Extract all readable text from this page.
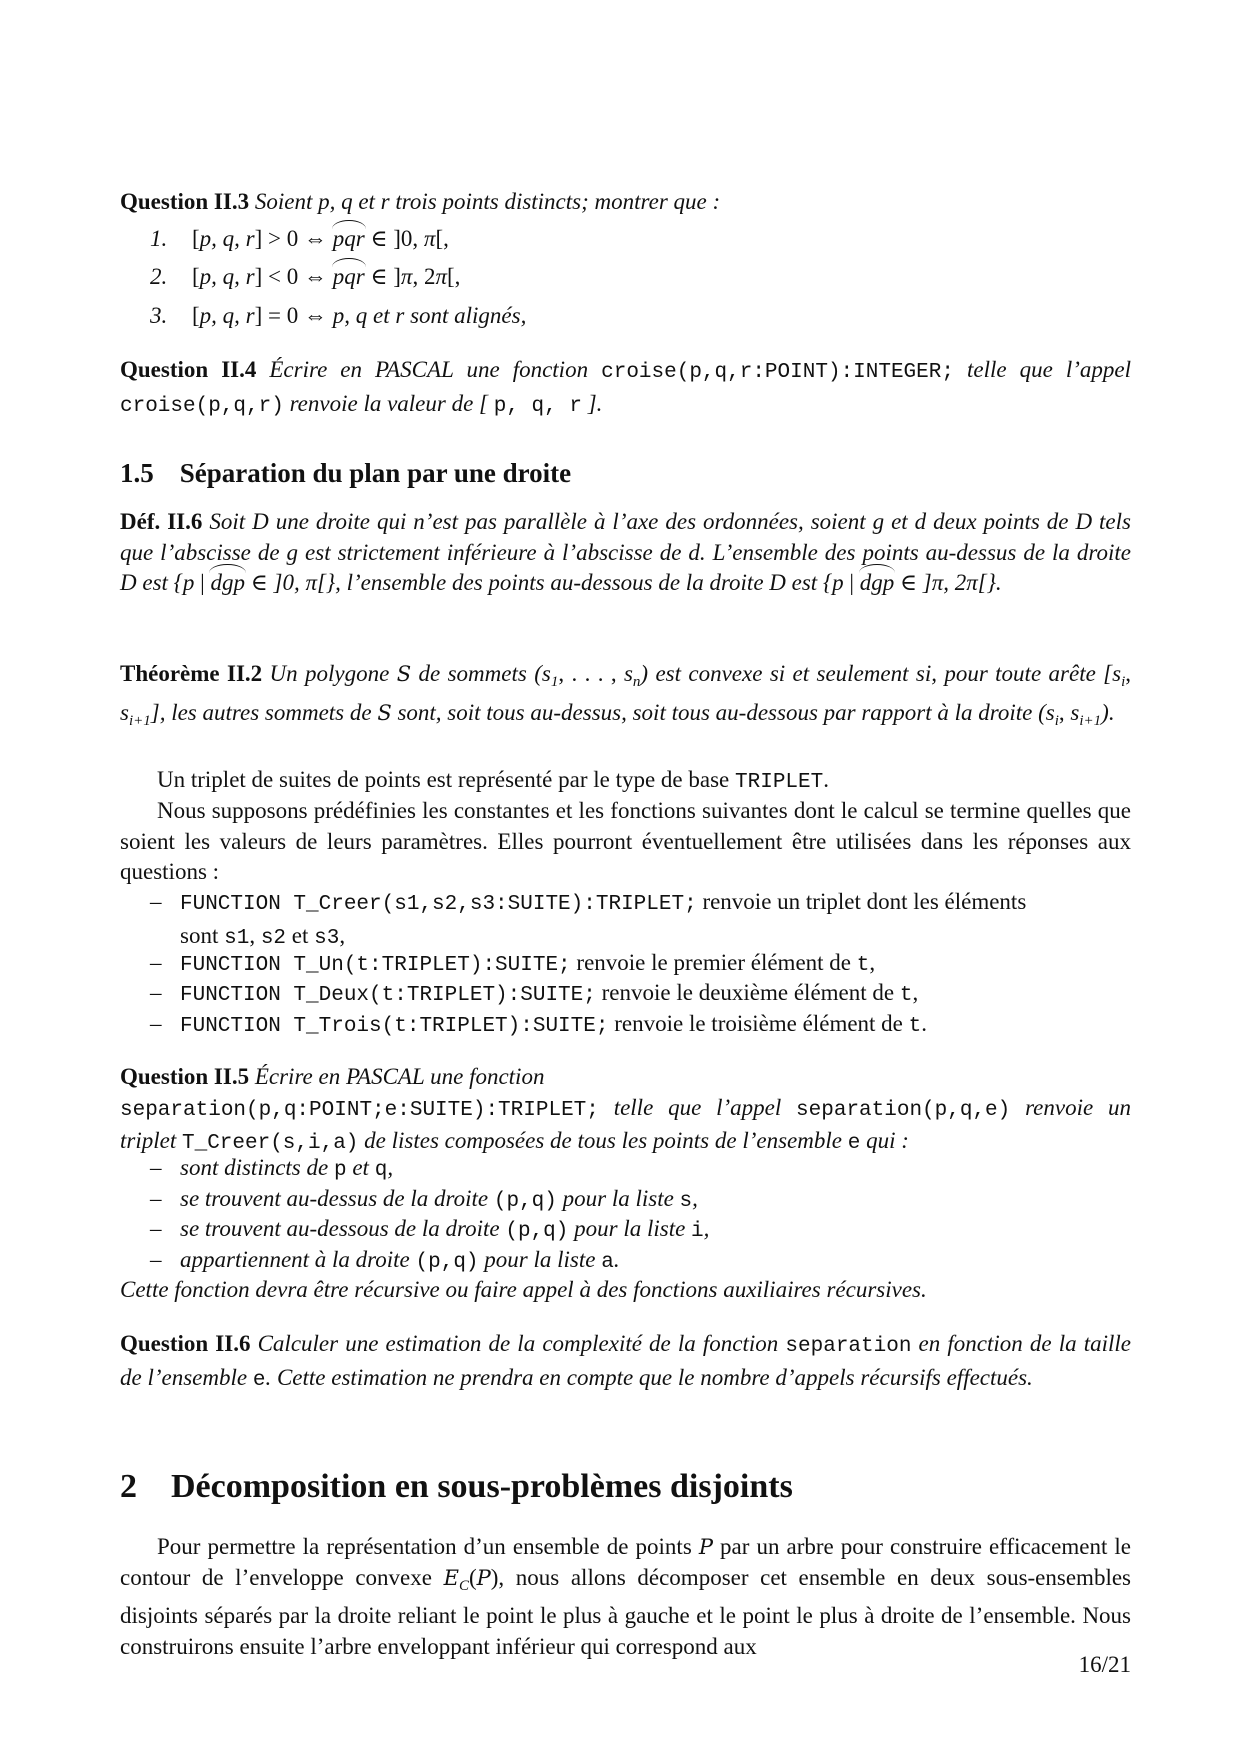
Question II.3 Soient p, q et r trois points distincts; montrer que :
1. [p, q, r] > 0 ⇔ pqr ∈ ]0, π[,
2. [p, q, r] < 0 ⇔ pqr ∈ ]π, 2π[,
3. [p, q, r] = 0 ⇔ p, q et r sont alignés,
Question II.4 Écrire en PASCAL une fonction croise(p,q,r:POINT):INTEGER; telle que l’appel croise(p,q,r) renvoie la valeur de [ p, q, r ].
1.5 Séparation du plan par une droite
Déf. II.6 Soit D une droite qui n’est pas parallèle à l’axe des ordonnées, soient g et d deux points de D tels que l’abscisse de g est strictement inférieure à l’abscisse de d. L’ensemble des points au-dessus de la droite D est {p | dgp ∈ ]0, π[}, l’ensemble des points au-dessous de la droite D est {p | dgp ∈ ]π, 2π[}.
Théorème II.2 Un polygone S de sommets ($s_1$, . . . , $s_n$) est convexe si et seulement si, pour toute arête [$s_i$, $s_{i+1}$], les autres sommets de S sont, soit tous au-dessus, soit tous au-dessous par rapport à la droite ($s_i$, $s_{i+1}$).
Un triplet de suites de points est représenté par le type de base TRIPLET.
Nous supposons prédéfinies les constantes et les fonctions suivantes dont le calcul se termine quelles que soient les valeurs de leurs paramètres. Elles pourront éventuellement être utilisées dans les réponses aux questions :
– FUNCTION T_Creer(s1,s2,s3:SUITE):TRIPLET; renvoie un triplet dont les éléments
sont s1, s2 et s3,
– FUNCTION T_Un(t:TRIPLET):SUITE; renvoie le premier élément de t,
– FUNCTION T_Deux(t:TRIPLET):SUITE; renvoie le deuxième élément de t,
– FUNCTION T_Trois(t:TRIPLET):SUITE; renvoie le troisième élément de t.
Question II.5 Écrire en PASCAL une fonction
separation(p,q:POINT;e:SUITE):TRIPLET; telle que l’appel separation(p,q,e) renvoie un triplet T_Creer(s,i,a) de listes composées de tous les points de l’ensemble e qui :
– sont distincts de p et q,
– se trouvent au-dessus de la droite (p,q) pour la liste s,
– se trouvent au-dessous de la droite (p,q) pour la liste i,
– appartiennent à la droite (p,q) pour la liste a.
Cette fonction devra être récursive ou faire appel à des fonctions auxiliaires récursives.
Question II.6 Calculer une estimation de la complexité de la fonction separation en fonction de la taille de l’ensemble e. Cette estimation ne prendra en compte que le nombre d’appels récursifs effectués.
2 Décomposition en sous-problèmes disjoints
Pour permettre la représentation d’un ensemble de points P par un arbre pour construire efficacement le contour de l’enveloppe convexe $E_C(P)$, nous allons décomposer cet ensemble en deux sous-ensembles disjoints séparés par la droite reliant le point le plus à gauche et le point le plus à droite de l’ensemble. Nous construirons ensuite l’arbre enveloppant inférieur qui correspond aux
16/21
